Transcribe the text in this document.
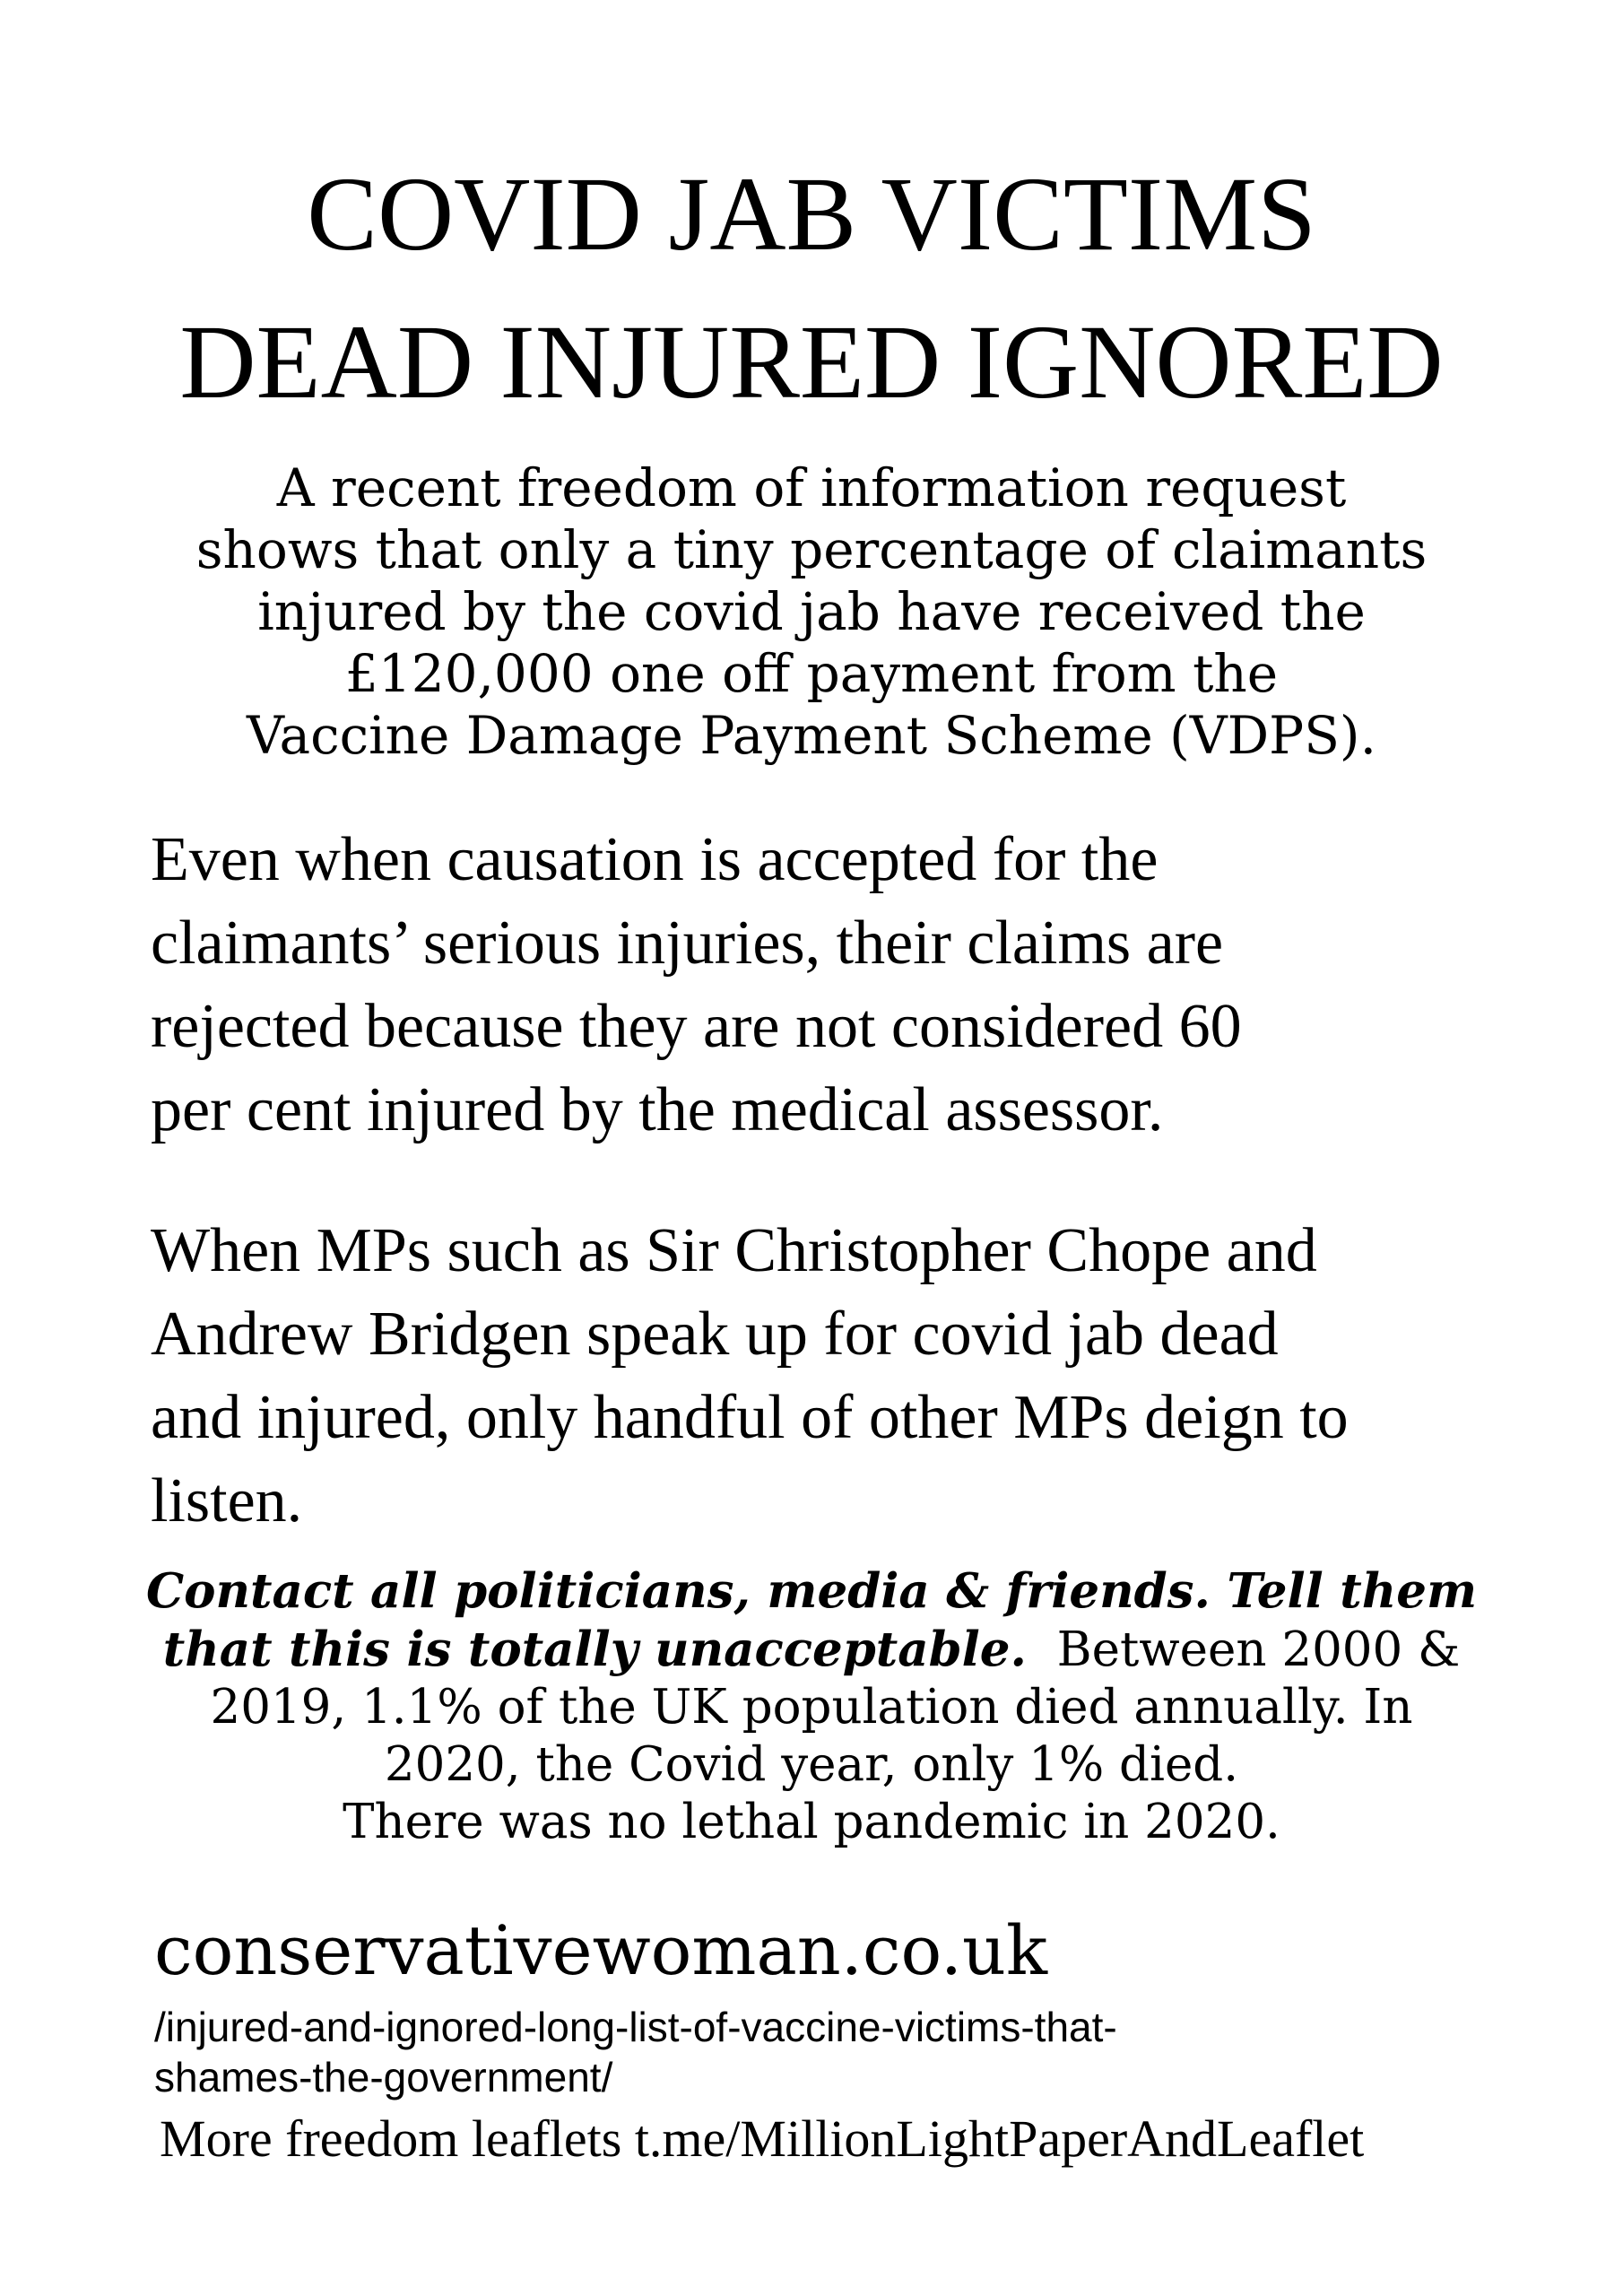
COVID JAB VICTIMS
DEAD INJURED IGNORED

A recent freedom of information request
shows that only a tiny percentage of claimants
injured by the covid jab have received the
£120,000 one off payment from the
Vaccine Damage Payment Scheme (VDPS).

Even when causation is accepted for the
claimants’ serious injuries, their claims are
rejected because they are not considered 60
per cent injured by the medical assessor.

When MPs such as Sir Christopher Chope and
Andrew Bridgen speak up for covid jab dead
and injured, only handful of other MPs deign to
listen.

Contact all politicians, media & friends. Tell them
that this is totally unacceptable.  Between 2000 &
2019, 1.1% of the UK population died annually. In
2020, the Covid year, only 1% died.
There was no lethal pandemic in 2020.

conservativewoman.co.uk

/injured-and-ignored-long-list-of-vaccine-victims-that-
shames-the-government/

More freedom leaflets t.me/MillionLightPaperAndLeaflet
